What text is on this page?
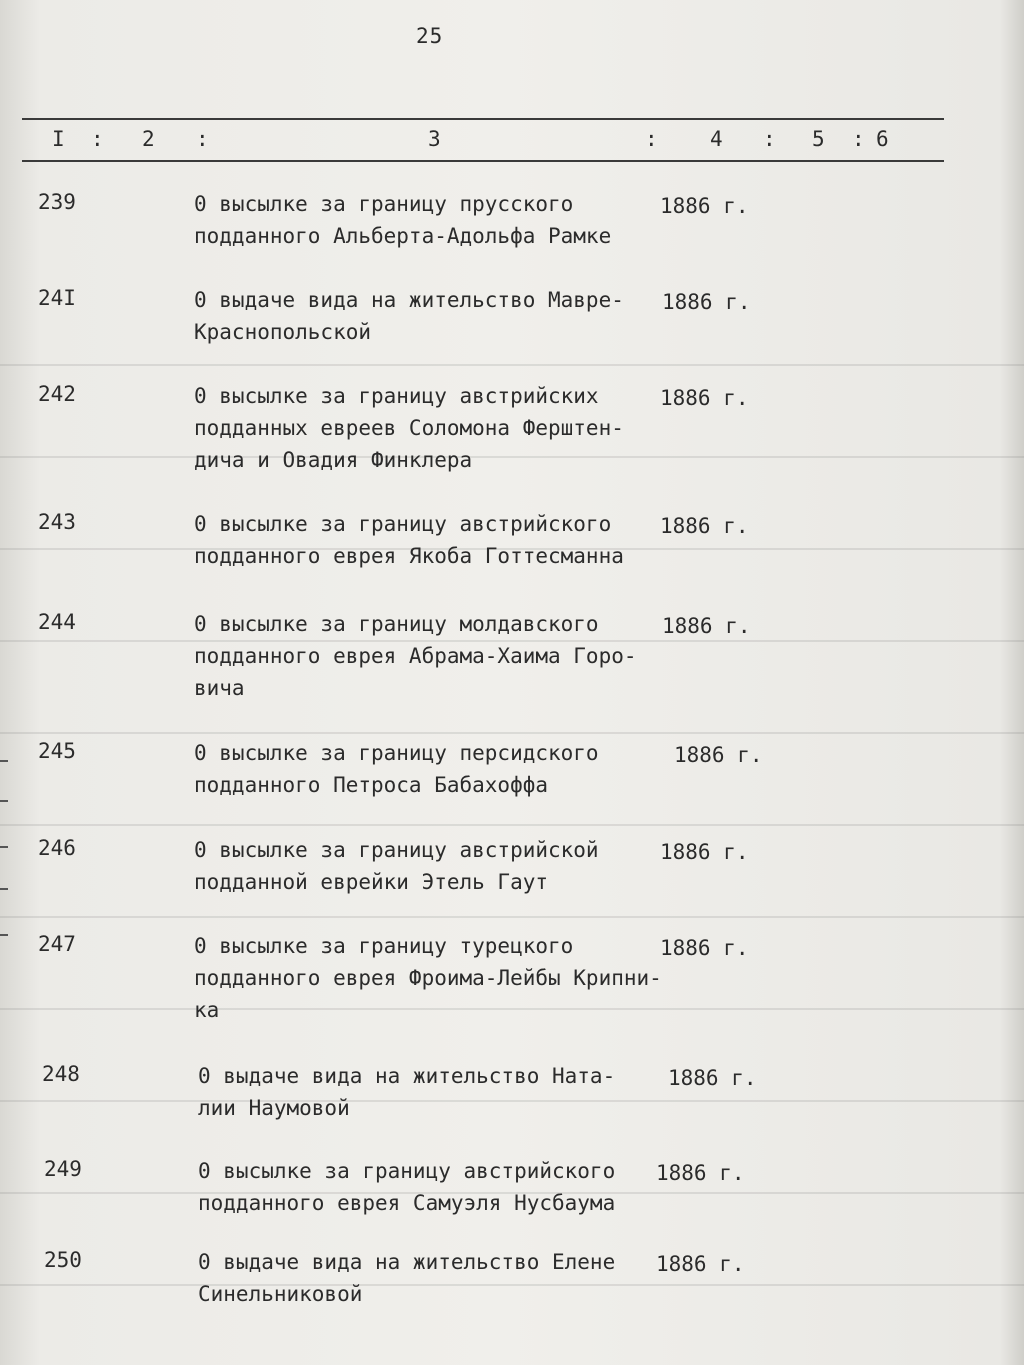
25
I : 2 :	3	: 4 : 5 : 6
239	0 высылке за границу прусского
подданного Альберта-Адольфа Рамке
1886 г.
24I	0 выдаче вида на жительство Мавре-
Краснопольской
1886 г.
242	0 высылке за границу австрийских
подданных евреев Соломона Ферштен-
дича и Овадия Финклера
1886 г.
243	0 высылке за границу австрийского
подданного еврея Якоба Готтесманна
1886 г.
244	0 высылке за границу молдавского
подданного еврея Абрама-Хаима Горо-
вича
1886 г.
245	0 высылке за границу персидского
подданного Петроса Бабахоффа
1886 г.
246	0 высылке за границу австрийской
подданной еврейки Этель Гаут
1886 г.
247	0 высылке за границу турецкого
подданного еврея Фроима-Лейбы Крипни-
ка
1886 г.
248	0 выдаче вида на жительство Ната-
лии Наумовой
1886 г.
249	0 высылке за границу австрийского
подданного еврея Самуэля Нусбаума
1886 г.
250	0 выдаче вида на жительство Елене
Синельниковой
1886 г.
